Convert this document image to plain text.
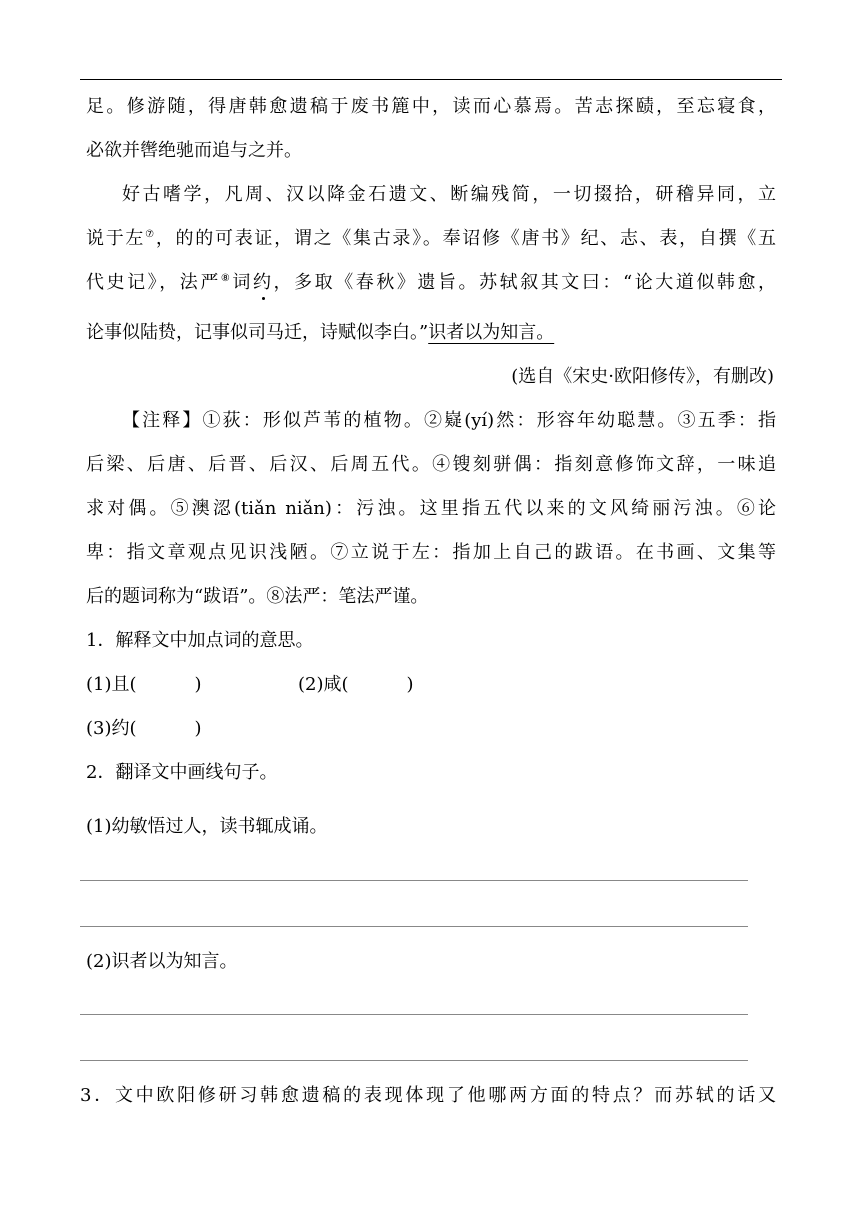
足。修游随，得唐韩愈遗稿于废书簏中，读而心慕焉。苦志探赜，至忘寝食，
必欲并辔绝驰而追与之并。
好古嗜学，凡周、汉以降金石遗文、断编残简，一切掇拾，研稽异同，立
说于左⑦，的的可表证，谓之《集古录》。奉诏修《唐书》纪、志、表，自撰《五
代史记》，法严⑧词约，多取《春秋》遗旨。苏轼叙其文曰：“论大道似韩愈，
论事似陆贽，记事似司马迁，诗赋似李白。”识者以为知言。
(选自《宋史·欧阳修传》，有删改)
【注释】①荻：形似芦苇的植物。②嶷(yí)然：形容年幼聪慧。③五季：指
后梁、后唐、后晋、后汉、后周五代。④锼刻骈偶：指刻意修饰文辞，一味追
求对偶。⑤澳涊(tiǎn niǎn)：污浊。这里指五代以来的文风绮丽污浊。⑥论
卑：指文章观点见识浅陋。⑦立说于左：指加上自己的跋语。在书画、文集等
后的题词称为“跋语”。⑧法严：笔法严谨。
1．解释文中加点词的意思。
(1)且(	)	(2)咸(	)
(3)约(	)
2．翻译文中画线句子。
(1)幼敏悟过人，读书辄成诵。
(2)识者以为知言。
3．文中欧阳修研习韩愈遗稿的表现体现了他哪两方面的特点？而苏轼的话又
